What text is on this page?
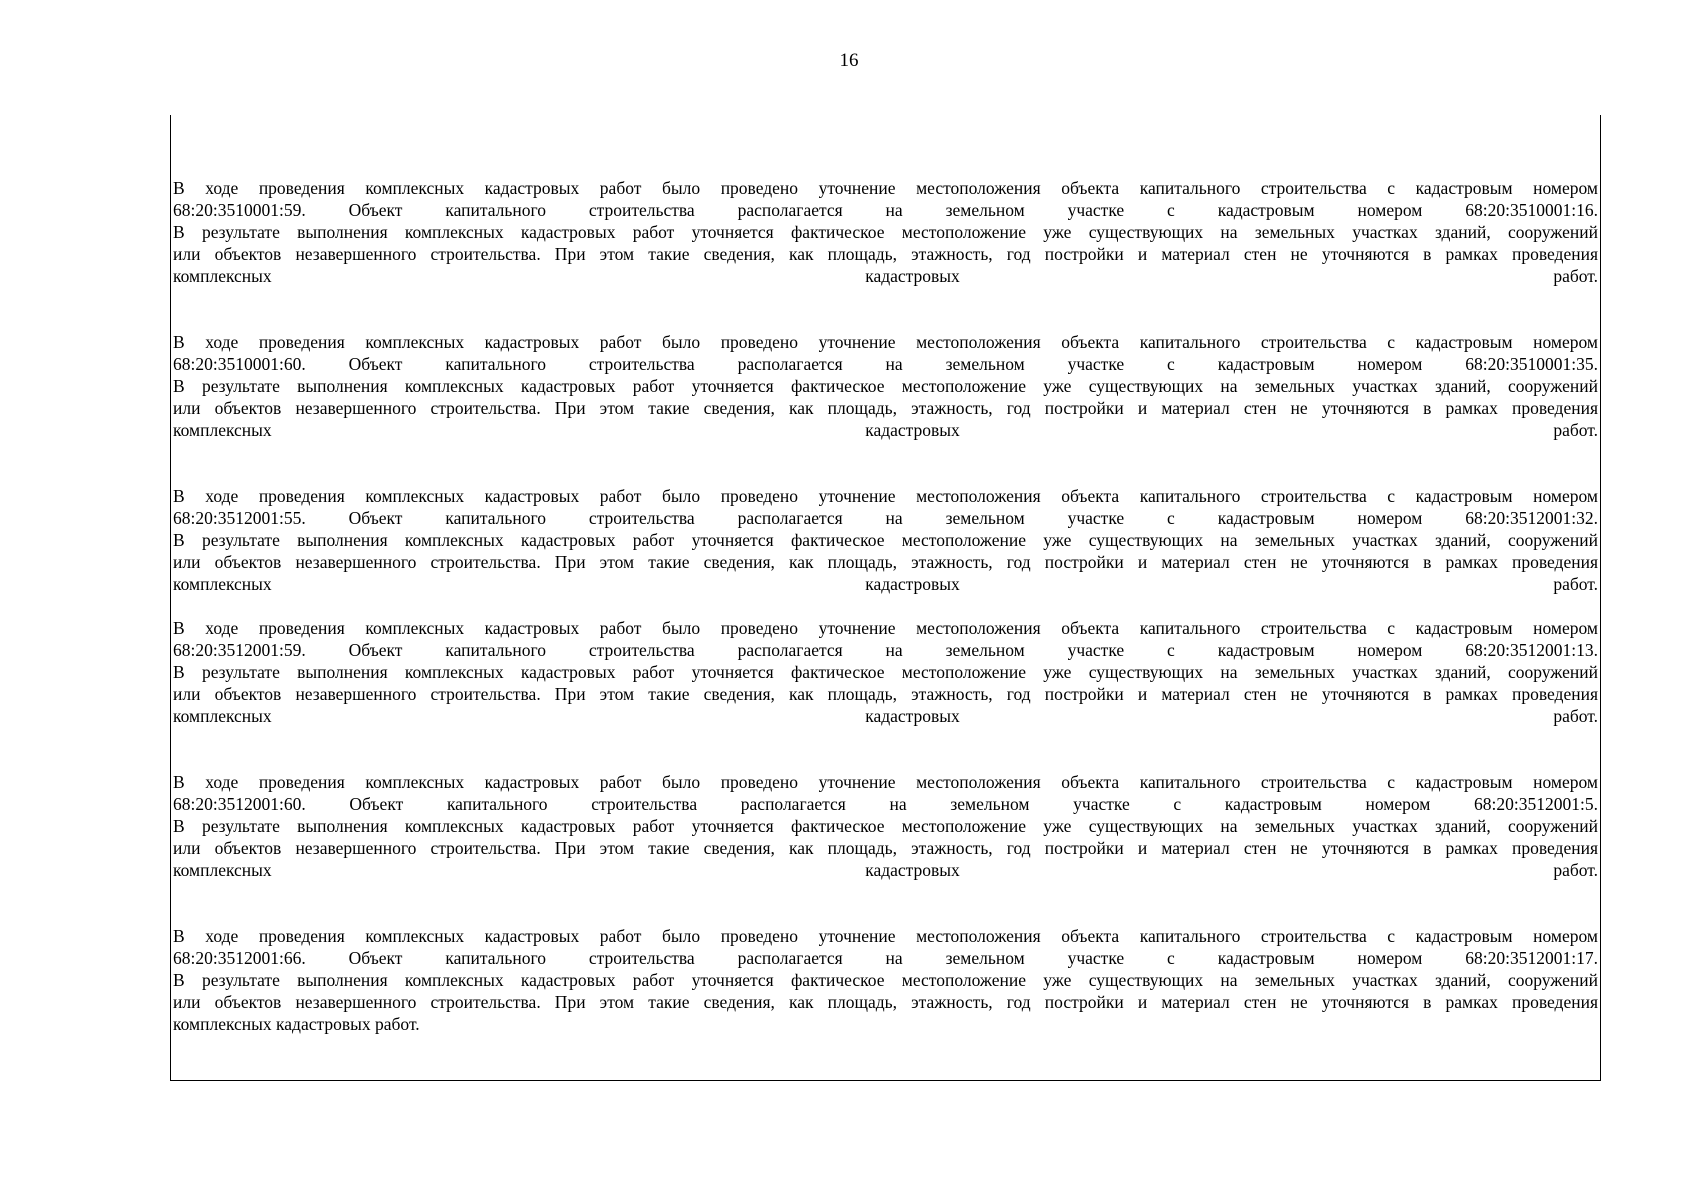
16
В ходе проведения комплексных кадастровых работ было проведено уточнение местоположения объекта капитального строительства с кадастровым номером
68:20:3510001:59. Объект капитального строительства располагается на земельном участке с кадастровым номером 68:20:3510001:16.
В результате выполнения комплексных кадастровых работ уточняется фактическое местоположение уже существующих на земельных участках зданий, сооружений
или объектов незавершенного строительства. При этом такие сведения, как площадь, этажность, год постройки и материал стен не уточняются в рамках проведения
комплексных кадастровых работ.
В ходе проведения комплексных кадастровых работ было проведено уточнение местоположения объекта капитального строительства с кадастровым номером
68:20:3510001:60. Объект капитального строительства располагается на земельном участке с кадастровым номером 68:20:3510001:35.
В результате выполнения комплексных кадастровых работ уточняется фактическое местоположение уже существующих на земельных участках зданий, сооружений
или объектов незавершенного строительства. При этом такие сведения, как площадь, этажность, год постройки и материал стен не уточняются в рамках проведения
комплексных кадастровых работ.
В ходе проведения комплексных кадастровых работ было проведено уточнение местоположения объекта капитального строительства с кадастровым номером
68:20:3512001:55. Объект капитального строительства располагается на земельном участке с кадастровым номером 68:20:3512001:32.
В результате выполнения комплексных кадастровых работ уточняется фактическое местоположение уже существующих на земельных участках зданий, сооружений
или объектов незавершенного строительства. При этом такие сведения, как площадь, этажность, год постройки и материал стен не уточняются в рамках проведения
комплексных кадастровых работ.
В ходе проведения комплексных кадастровых работ было проведено уточнение местоположения объекта капитального строительства с кадастровым номером
68:20:3512001:59. Объект капитального строительства располагается на земельном участке с кадастровым номером 68:20:3512001:13.
В результате выполнения комплексных кадастровых работ уточняется фактическое местоположение уже существующих на земельных участках зданий, сооружений
или объектов незавершенного строительства. При этом такие сведения, как площадь, этажность, год постройки и материал стен не уточняются в рамках проведения
комплексных кадастровых работ.
В ходе проведения комплексных кадастровых работ было проведено уточнение местоположения объекта капитального строительства с кадастровым номером
68:20:3512001:60. Объект капитального строительства располагается на земельном участке с кадастровым номером 68:20:3512001:5.
В результате выполнения комплексных кадастровых работ уточняется фактическое местоположение уже существующих на земельных участках зданий, сооружений
или объектов незавершенного строительства. При этом такие сведения, как площадь, этажность, год постройки и материал стен не уточняются в рамках проведения
комплексных кадастровых работ.
В ходе проведения комплексных кадастровых работ было проведено уточнение местоположения объекта капитального строительства с кадастровым номером
68:20:3512001:66. Объект капитального строительства располагается на земельном участке с кадастровым номером 68:20:3512001:17.
В результате выполнения комплексных кадастровых работ уточняется фактическое местоположение уже существующих на земельных участках зданий, сооружений
или объектов незавершенного строительства. При этом такие сведения, как площадь, этажность, год постройки и материал стен не уточняются в рамках проведения
комплексных кадастровых работ.
